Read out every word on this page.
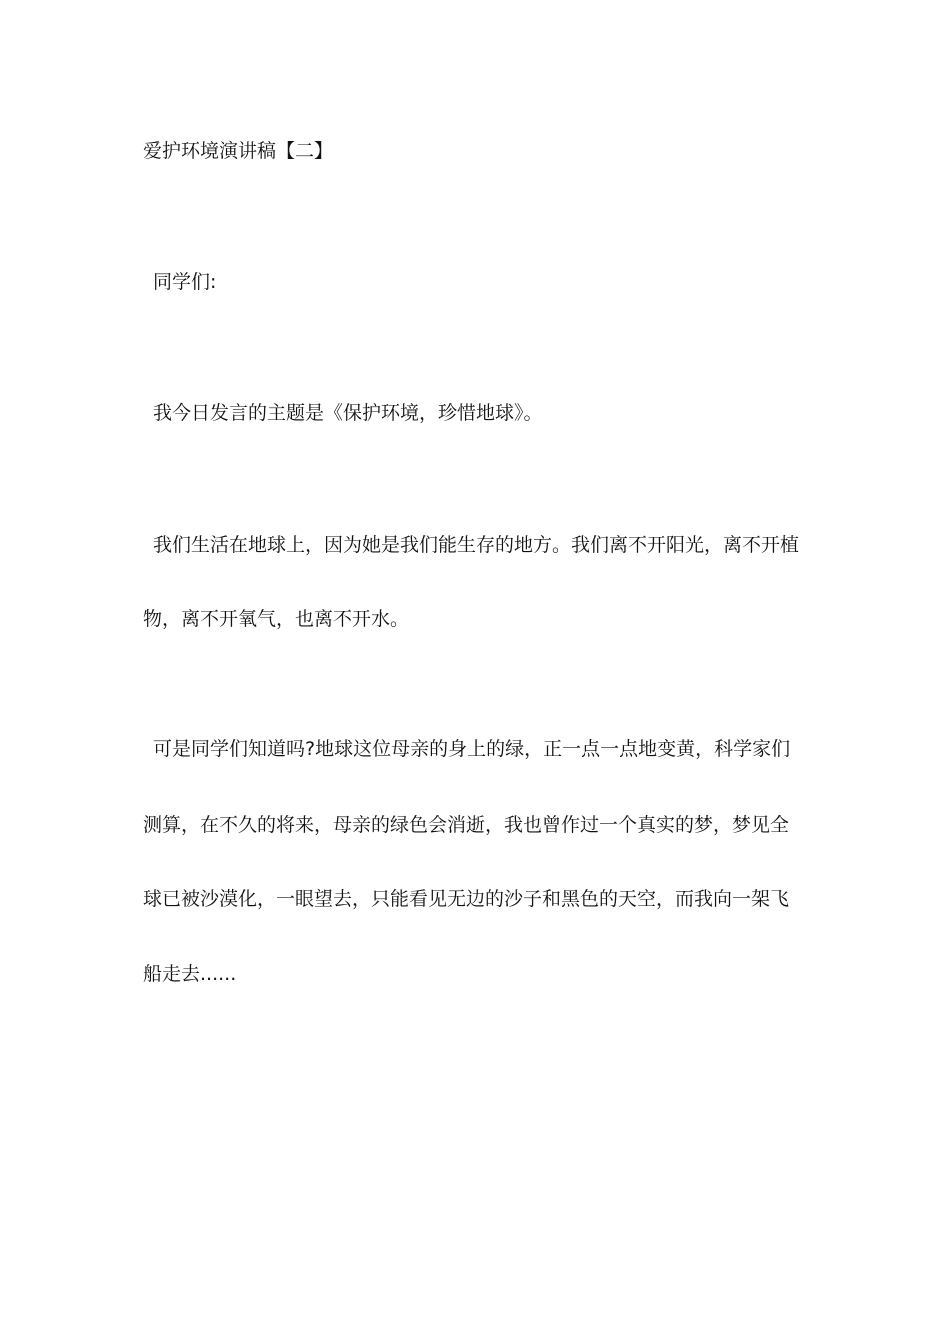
爱护环境演讲稿【二】
同学们:
我今日发言的主题是《保护环境，珍惜地球》。
我们生活在地球上，因为她是我们能生存的地方。我们离不开阳光，离不开植
物，离不开氧气，也离不开水。
可是同学们知道吗?地球这位母亲的身上的绿，正一点一点地变黄，科学家们
测算，在不久的将来，母亲的绿色会消逝，我也曾作过一个真实的梦，梦见全
球已被沙漠化，一眼望去，只能看见无边的沙子和黑色的天空，而我向一架飞
船走去......
